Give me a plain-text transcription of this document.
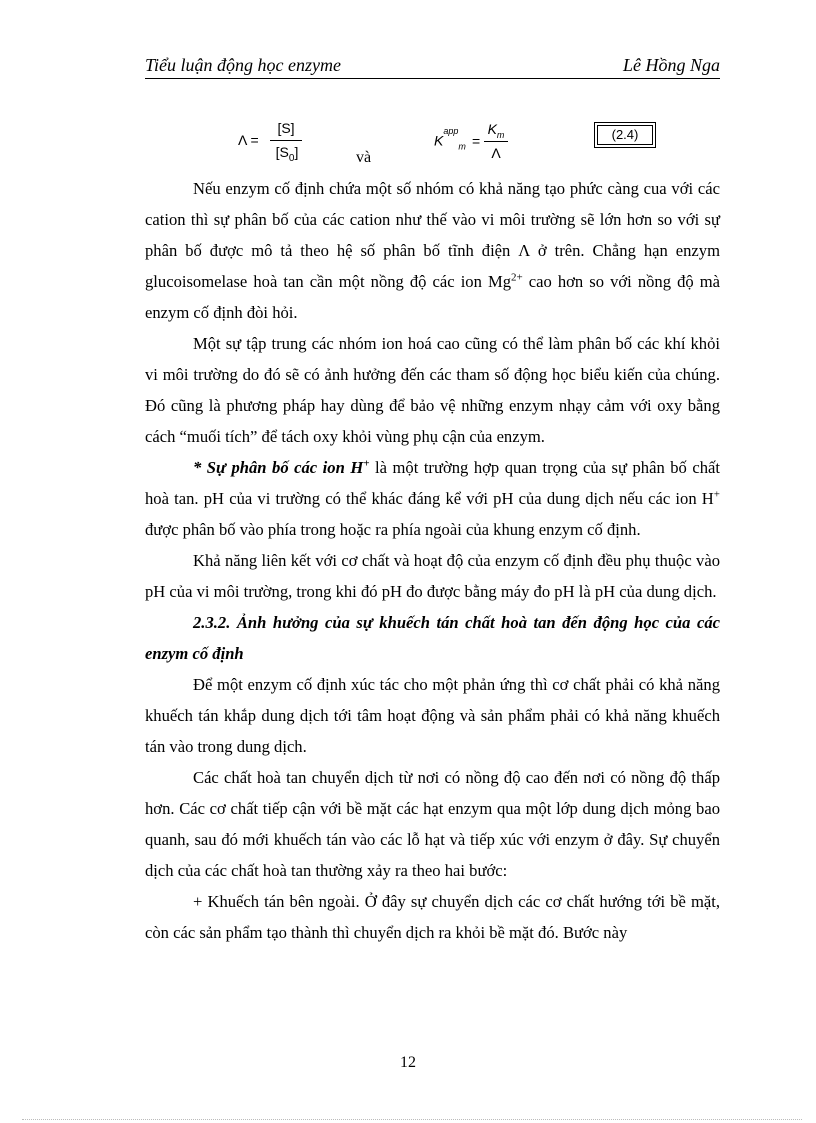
Tiểu luận động học enzyme	Lê Hồng Nga
Λ =
[S]
$[S_0]$	và
$K^{app}_m$ =
$K_m$
Λ
(2.4)

Nếu enzym cố định chứa một số nhóm có khả năng tạo phức càng cua với các cation thì sự phân bố của các cation như thế vào vi môi trường sẽ lớn hơn so với sự phân bố được mô tả theo hệ số phân bố tĩnh điện Λ ở trên. Chẳng hạn enzym glucoisomelase hoà tan cần một nồng độ các ion $Mg^{2+}$ cao hơn so với nồng độ mà enzym cố định đòi hỏi.

Một sự tập trung các nhóm ion hoá cao cũng có thể làm phân bố các khí khỏi vi môi trường do đó sẽ có ảnh hưởng đến các tham số động học biểu kiến của chúng. Đó cũng là phương pháp hay dùng để bảo vệ những enzym nhạy cảm với oxy bằng cách “muối tích” để tách oxy khỏi vùng phụ cận của enzym.

* Sự phân bố các ion H+ là một trường hợp quan trọng của sự phân bố chất hoà tan. pH của vi trường có thể khác đáng kể với pH của dung dịch nếu các ion H+ được phân bố vào phía trong hoặc ra phía ngoài của khung enzym cố định.

Khả năng liên kết với cơ chất và hoạt độ của enzym cố định đều phụ thuộc vào pH của vi môi trường, trong khi đó pH đo được bằng máy đo pH là pH của dung dịch.

2.3.2. Ảnh hưởng của sự khuếch tán chất hoà tan đến động học của các enzym cố định

Để một enzym cố định xúc tác cho một phản ứng thì cơ chất phải có khả năng khuếch tán khắp dung dịch tới tâm hoạt động và sản phẩm phải có khả năng khuếch tán vào trong dung dịch.

Các chất hoà tan chuyển dịch từ nơi có nồng độ cao đến nơi có nồng độ thấp hơn. Các cơ chất tiếp cận với bề mặt các hạt enzym qua một lớp dung dịch mỏng bao quanh, sau đó mới khuếch tán vào các lỗ hạt và tiếp xúc với enzym ở đây. Sự chuyển dịch của các chất hoà tan thường xảy ra theo hai bước:

+ Khuếch tán bên ngoài. Ở đây sự chuyển dịch các cơ chất hướng tới bề mặt, còn các sản phẩm tạo thành thì chuyển dịch ra khỏi bề mặt đó. Bước này

12
